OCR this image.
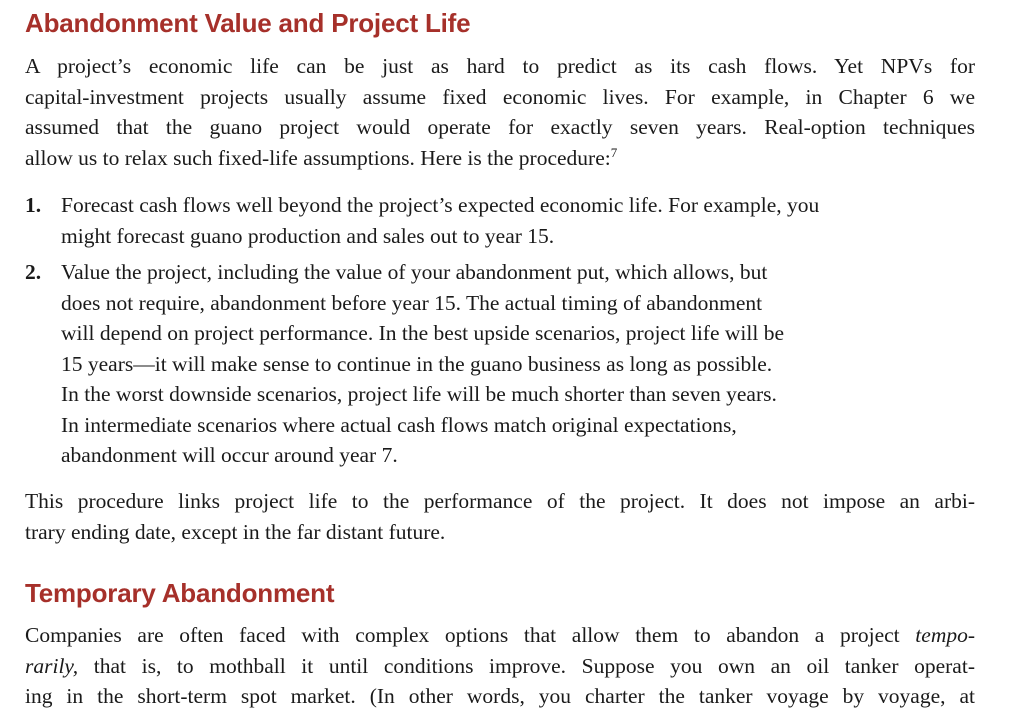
Abandonment Value and Project Life
A project’s economic life can be just as hard to predict as its cash flows. Yet NPVs for
capital-investment projects usually assume fixed economic lives. For example, in Chapter 6 we
assumed that the guano project would operate for exactly seven years. Real-option techniques
allow us to relax such fixed-life assumptions. Here is the procedure:$^7$
1. Forecast cash flows well beyond the project’s expected economic life. For example, you
might forecast guano production and sales out to year 15.
2. Value the project, including the value of your abandonment put, which allows, but
does not require, abandonment before year 15. The actual timing of abandonment
will depend on project performance. In the best upside scenarios, project life will be
15 years—it will make sense to continue in the guano business as long as possible.
In the worst downside scenarios, project life will be much shorter than seven years.
In intermediate scenarios where actual cash flows match original expectations,
abandonment will occur around year 7.
This procedure links project life to the performance of the project. It does not impose an arbi-
trary ending date, except in the far distant future.
Temporary Abandonment
Companies are often faced with complex options that allow them to abandon a project tempo-
rarily, that is, to mothball it until conditions improve. Suppose you own an oil tanker operat-
ing in the short-term spot market. (In other words, you charter the tanker voyage by voyage, at
